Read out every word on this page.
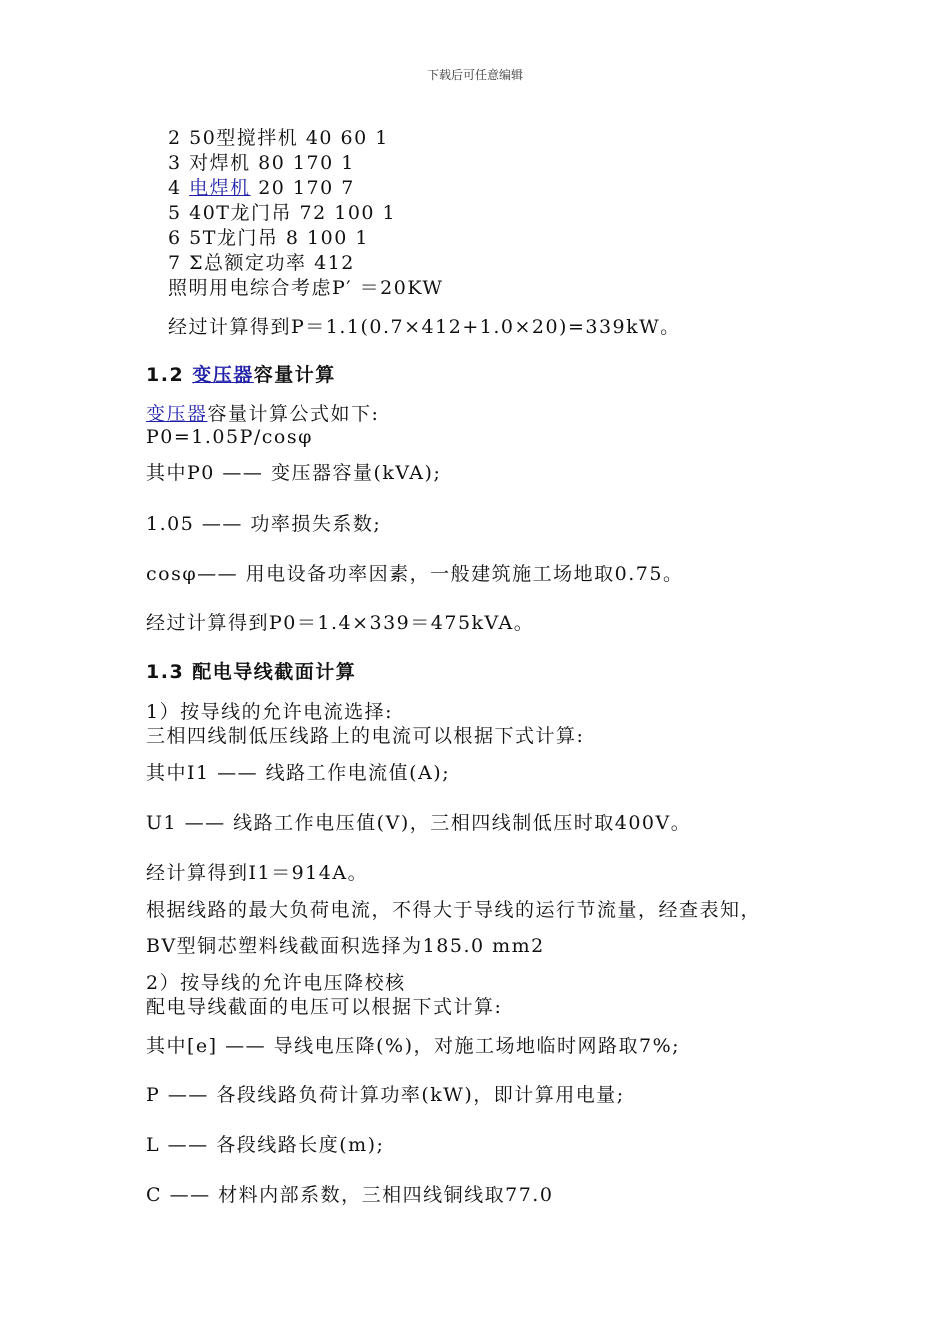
下载后可任意编辑
2 50型搅拌机 40 60 1
3 对焊机 80 170 1
4 电焊机 20 170 7
5 40T龙门吊 72 100 1
6 5T龙门吊 8 100 1
7 Σ总额定功率 412
照明用电综合考虑P′ ＝20KW
经过计算得到P＝1.1(0.7×412+1.0×20)=339kW。
1.2 变压器容量计算
变压器容量计算公式如下:
P0=1.05P/cosφ
其中P0 —— 变压器容量(kVA);
1.05 —— 功率损失系数;
cosφ—— 用电设备功率因素，一般建筑施工场地取0.75。
经过计算得到P0＝1.4×339＝475kVA。
1.3 配电导线截面计算
1）按导线的允许电流选择:
三相四线制低压线路上的电流可以根据下式计算:
其中I1 —— 线路工作电流值(A);
U1 —— 线路工作电压值(V)，三相四线制低压时取400V。
经计算得到I1＝914A。
根据线路的最大负荷电流，不得大于导线的运行节流量，经查表知，
BV型铜芯塑料线截面积选择为185.0 mm2
2）按导线的允许电压降校核
配电导线截面的电压可以根据下式计算:
其中[e] —— 导线电压降(%)，对施工场地临时网路取7%;
P —— 各段线路负荷计算功率(kW)，即计算用电量;
L —— 各段线路长度(m);
C —— 材料内部系数，三相四线铜线取77.0
